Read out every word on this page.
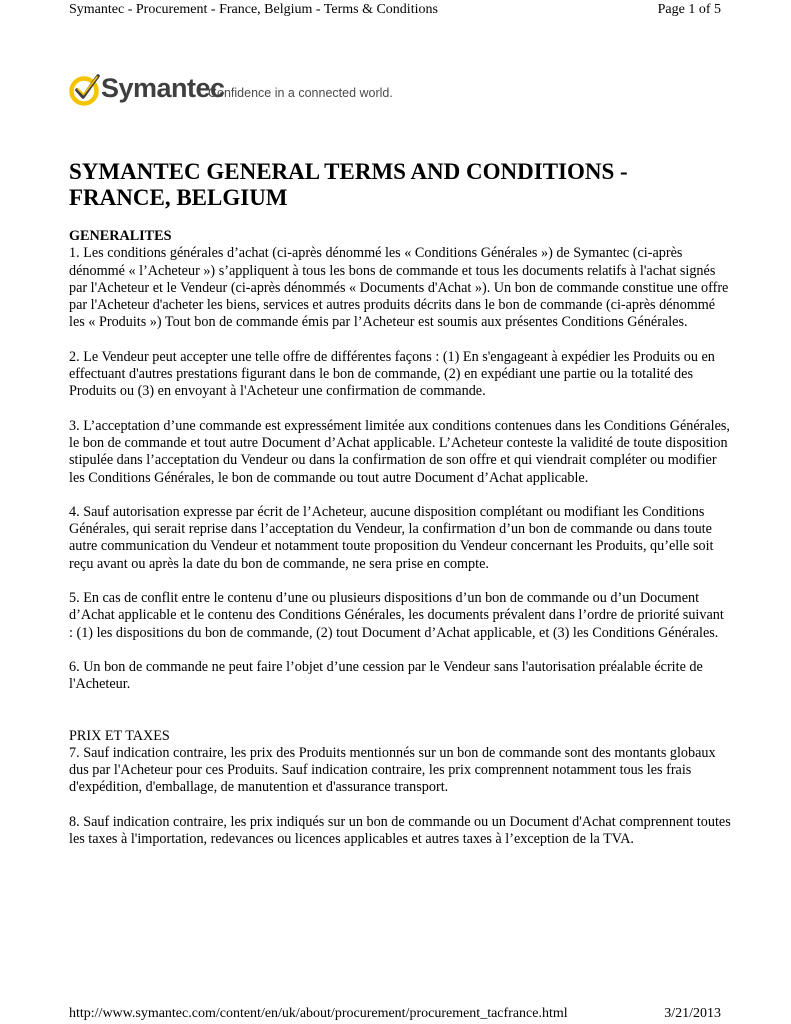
Symantec - Procurement - France, Belgium - Terms & Conditions	Page 1 of 5
Symantec
Confidence in a connected world.
SYMANTEC GENERAL TERMS AND CONDITIONS - FRANCE, BELGIUM
GENERALITES

1. Les conditions générales d’achat (ci-après dénommé les « Conditions Générales ») de Symantec (ci-après dénommé « l’Acheteur ») s’appliquent à tous les bons de commande et tous les documents relatifs à l'achat signés par l'Acheteur et le Vendeur (ci-après dénommés « Documents d'Achat »). Un bon de commande constitue une offre par l'Acheteur d'acheter les biens, services et autres produits décrits dans le bon de commande (ci-après dénommé les « Produits ») Tout bon de commande émis par l’Acheteur est soumis aux présentes Conditions Générales.

2. Le Vendeur peut accepter une telle offre de différentes façons : (1) En s'engageant à expédier les Produits ou en effectuant d'autres prestations figurant dans le bon de commande, (2) en expédiant une partie ou la totalité des Produits ou (3) en envoyant à l'Acheteur une confirmation de commande.

3. L’acceptation d’une commande est expressément limitée aux conditions contenues dans les Conditions Générales, le bon de commande et tout autre Document d’Achat applicable. L’Acheteur conteste la validité de toute disposition stipulée dans l’acceptation du Vendeur ou dans la confirmation de son offre et qui viendrait compléter ou modifier les Conditions Générales, le bon de commande ou tout autre Document d’Achat applicable.

4. Sauf autorisation expresse par écrit de l’Acheteur, aucune disposition complétant ou modifiant les Conditions Générales, qui serait reprise dans l’acceptation du Vendeur, la confirmation d’un bon de commande ou dans toute autre communication du Vendeur et notamment toute proposition du Vendeur concernant les Produits, qu’elle soit reçu avant ou après la date du bon de commande, ne sera prise en compte.

5. En cas de conflit entre le contenu d’une ou plusieurs dispositions d’un bon de commande ou d’un Document d’Achat applicable et le contenu des Conditions Générales, les documents prévalent dans l’ordre de priorité suivant : (1) les dispositions du bon de commande, (2) tout Document d’Achat applicable, et (3) les Conditions Générales.

6. Un bon de commande ne peut faire l’objet d’une cession par le Vendeur sans l'autorisation préalable écrite de l'Acheteur.

PRIX ET TAXES

7. Sauf indication contraire, les prix des Produits mentionnés sur un bon de commande sont des montants globaux dus par l'Acheteur pour ces Produits. Sauf indication contraire, les prix comprennent notamment tous les frais d'expédition, d'emballage, de manutention et d'assurance transport.

8. Sauf indication contraire, les prix indiqués sur un bon de commande ou un Document d'Achat comprennent toutes les taxes à l'importation, redevances ou licences applicables et autres taxes à l’exception de la TVA.

http://www.symantec.com/content/en/uk/about/procurement/procurement_tacfrance.html	3/21/2013
